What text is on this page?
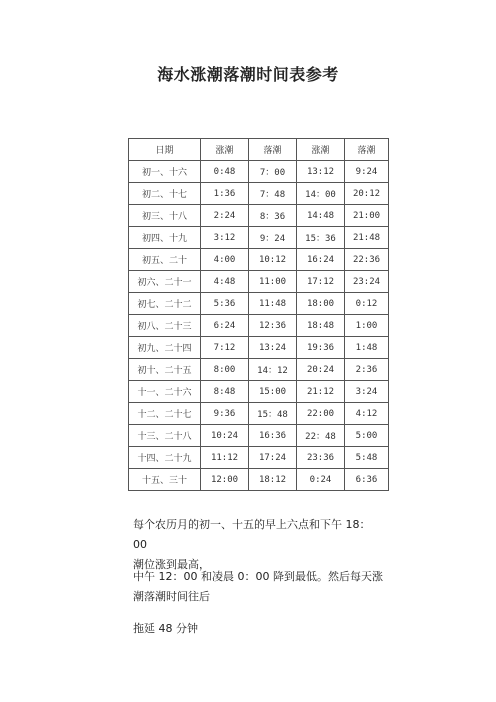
海水涨潮落潮时间表参考
日期	涨潮	落潮	涨潮	落潮
初一、十六	0:48	7：00	13:12	9:24
初二、十七	1:36	7：48	14：00	20:12
初三、十八	2:24	8：36	14:48	21:00
初四、十九	3:12	9：24	15：36	21:48
初五、二十	4:00	10:12	16:24	22:36
初六、二十一	4:48	11:00	17:12	23:24
初七、二十二	5:36	11:48	18:00	0:12
初八、二十三	6:24	12:36	18:48	1:00
初九、二十四	7:12	13:24	19:36	1:48
初十、二十五	8:00	14：12	20:24	2:36
十一、二十六	8:48	15:00	21:12	3:24
十二、二十七	9:36	15：48	22:00	4:12
十三、二十八	10:24	16:36	22：48	5:00
十四、二十九	11:12	17:24	23:36	5:48
十五、三十	12:00	18:12	0:24	6:36
每个农历月的初一、十五的早上六点和下午 18：00
潮位涨到最高，
中午 12：00 和凌晨 0：00 降到最低。然后每天涨
潮落潮时间往后
拖延 48 分钟
